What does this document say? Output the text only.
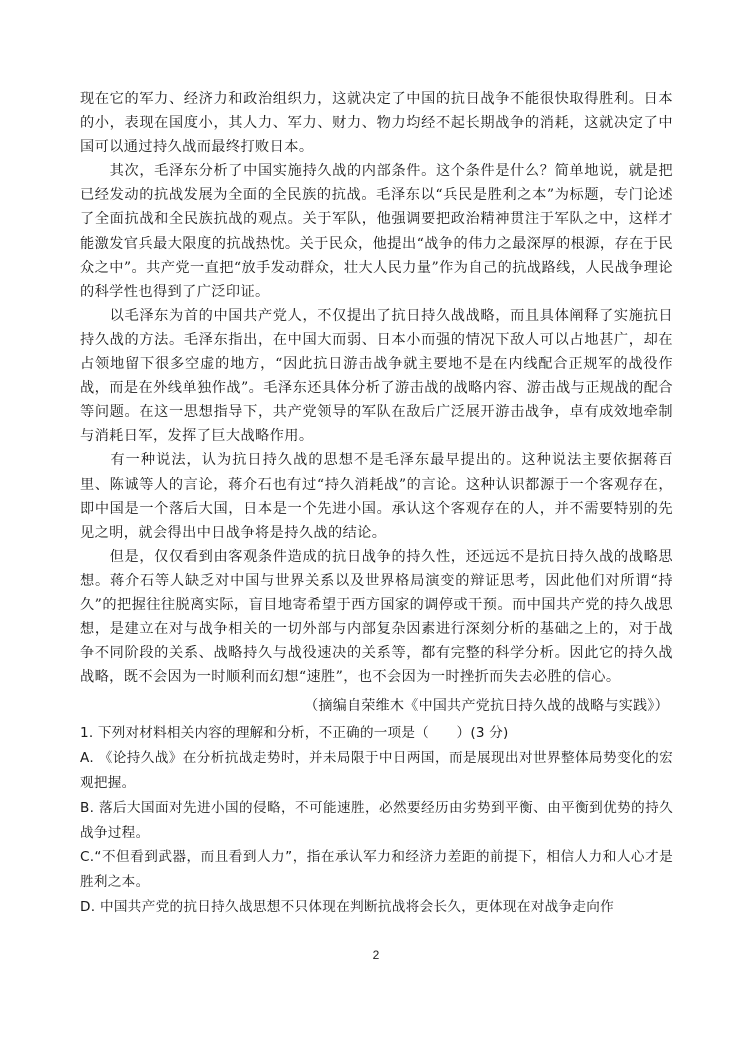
现在它的军力、经济力和政治组织力，这就决定了中国的抗日战争不能很快取得胜利。日本的小，表现在国度小，其人力、军力、财力、物力均经不起长期战争的消耗，这就决定了中国可以通过持久战而最终打败日本。

　　其次，毛泽东分析了中国实施持久战的内部条件。这个条件是什么？简单地说，就是把已经发动的抗战发展为全面的全民族的抗战。毛泽东以“兵民是胜利之本”为标题，专门论述了全面抗战和全民族抗战的观点。关于军队，他强调要把政治精神贯注于军队之中，这样才能激发官兵最大限度的抗战热忱。关于民众，他提出“战争的伟力之最深厚的根源，存在于民众之中”。共产党一直把“放手发动群众，壮大人民力量”作为自己的抗战路线，人民战争理论的科学性也得到了广泛印证。

　　以毛泽东为首的中国共产党人，不仅提出了抗日持久战战略，而且具体阐释了实施抗日持久战的方法。毛泽东指出，在中国大而弱、日本小而强的情况下敌人可以占地甚广，却在占领地留下很多空虚的地方，“因此抗日游击战争就主要地不是在内线配合正规军的战役作战，而是在外线单独作战”。毛泽东还具体分析了游击战的战略内容、游击战与正规战的配合等问题。在这一思想指导下，共产党领导的军队在敌后广泛展开游击战争，卓有成效地牵制与消耗日军，发挥了巨大战略作用。

　　有一种说法，认为抗日持久战的思想不是毛泽东最早提出的。这种说法主要依据蒋百里、陈诚等人的言论，蒋介石也有过“持久消耗战”的言论。这种认识都源于一个客观存在，即中国是一个落后大国，日本是一个先进小国。承认这个客观存在的人，并不需要特别的先见之明，就会得出中日战争将是持久战的结论。

　　但是，仅仅看到由客观条件造成的抗日战争的持久性，还远远不是抗日持久战的战略思想。蒋介石等人缺乏对中国与世界关系以及世界格局演变的辩证思考，因此他们对所谓“持久”的把握往往脱离实际，盲目地寄希望于西方国家的调停或干预。而中国共产党的持久战思想，是建立在对与战争相关的一切外部与内部复杂因素进行深刻分析的基础之上的，对于战争不同阶段的关系、战略持久与战役速决的关系等，都有完整的科学分析。因此它的持久战战略，既不会因为一时顺利而幻想“速胜”，也不会因为一时挫折而失去必胜的信心。

（摘编自荣维木《中国共产党抗日持久战的战略与实践》）

1. 下列对材料相关内容的理解和分析，不正确的一项是（　　）(3 分)

A. 《论持久战》在分析抗战走势时，并未局限于中日两国，而是展现出对世界整体局势变化的宏观把握。
B. 落后大国面对先进小国的侵略，不可能速胜，必然要经历由劣势到平衡、由平衡到优势的持久战争过程。
C.“不但看到武器，而且看到人力”，指在承认军力和经济力差距的前提下，相信人力和人心才是胜利之本。
D. 中国共产党的抗日持久战思想不只体现在判断抗战将会长久，更体现在对战争走向作
2
